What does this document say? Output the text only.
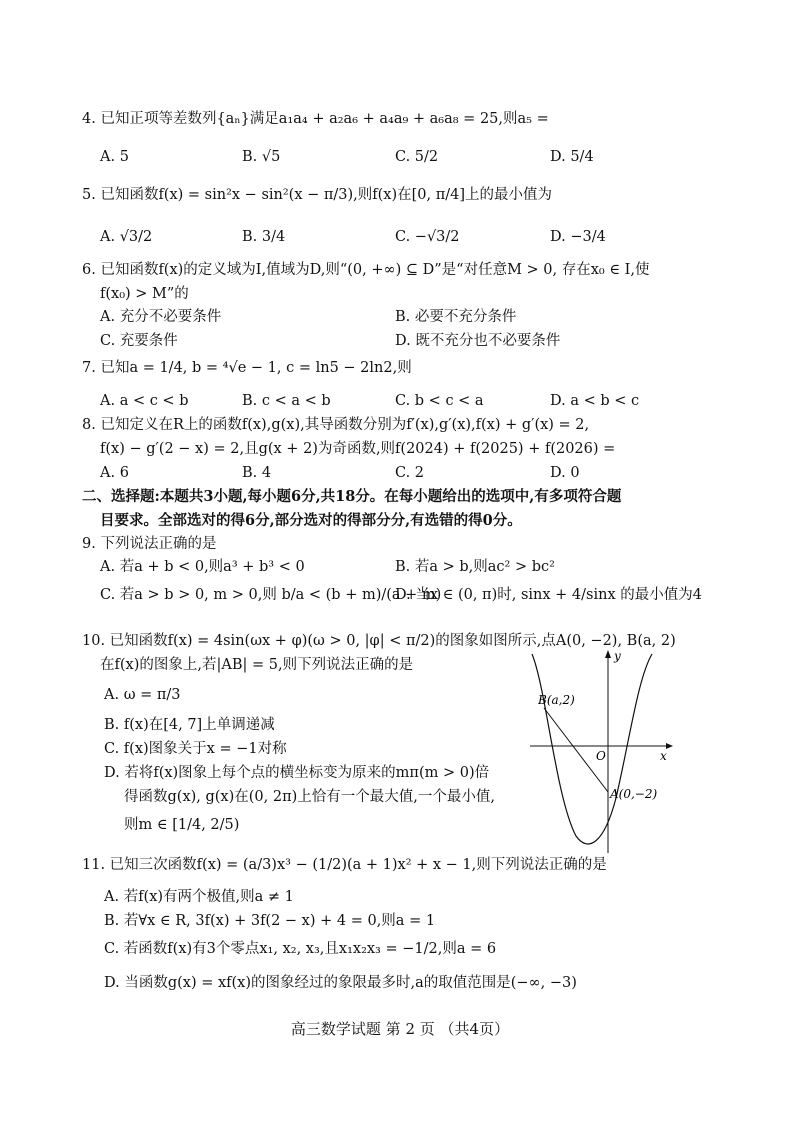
4. 已知正项等差数列{aₙ}满足a₁a₄ + a₂a₆ + a₄a₉ + a₆a₈ = 25,则a₅ =
A. 5	B. √5	C. 5/2	D. 5/4
5. 已知函数f(x) = sin²x − sin²(x − π/3),则f(x)在[0, π/4]上的最小值为
A. √3/2	B. 3/4	C. −√3/2	D. −3/4
6. 已知函数f(x)的定义域为I,值域为D,则“(0, +∞) ⊆ D”是“对任意M > 0, 存在x₀ ∈ I,使
f(x₀) > M”的
A. 充分不必要条件	B. 必要不充分条件
C. 充要条件	D. 既不充分也不必要条件
7. 已知a = 1/4, b = ⁴√e − 1, c = ln5 − 2ln2,则
A. a < c < b	B. c < a < b	C. b < c < a	D. a < b < c
8. 已知定义在R上的函数f(x),g(x),其导函数分别为f′(x),g′(x),f(x) + g′(x) = 2,
f(x) − g′(2 − x) = 2,且g(x + 2)为奇函数,则f(2024) + f(2025) + f(2026) =
A. 6	B. 4	C. 2	D. 0
二、选择题:本题共3小题,每小题6分,共18分。在每小题给出的选项中,有多项符合题
目要求。全部选对的得6分,部分选对的得部分分,有选错的得0分。
9. 下列说法正确的是
A. 若a + b < 0,则a³ + b³ < 0	B. 若a > b,则ac² > bc²
C. 若a > b > 0, m > 0,则 b/a < (b + m)/(a + m)
D. 当x ∈ (0, π)时, sinx + 4/sinx 的最小值为4
10. 已知函数f(x) = 4sin(ωx + φ)(ω > 0, |φ| < π/2)的图象如图所示,点A(0, −2), B(a, 2)
在f(x)的图象上,若|AB| = 5,则下列说法正确的是
A. ω = π/3
B. f(x)在[4, 7]上单调递减
C. f(x)图象关于x = −1对称
D. 若将f(x)图象上每个点的横坐标变为原来的mπ(m > 0)倍
得函数g(x), g(x)在(0, 2π)上恰有一个最大值,一个最小值,
则m ∈ [1/4, 2/5)
y
x
O
B(a,2)
A(0,−2)
11. 已知三次函数f(x) = (a/3)x³ − (1/2)(a + 1)x² + x − 1,则下列说法正确的是
A. 若f(x)有两个极值,则a ≠ 1
B. 若∀x ∈ R, 3f(x) + 3f(2 − x) + 4 = 0,则a = 1
C. 若函数f(x)有3个零点x₁, x₂, x₃,且x₁x₂x₃ = −1/2,则a = 6
D. 当函数g(x) = xf(x)的图象经过的象限最多时,a的取值范围是(−∞, −3)
高三数学试题 第 2 页 （共4页）
